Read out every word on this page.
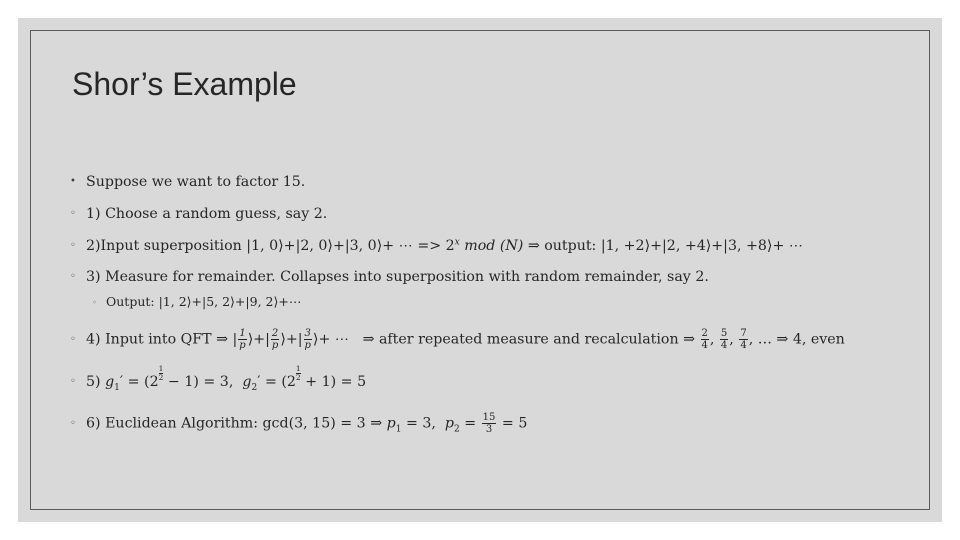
Shor’s Example
• Suppose we want to factor 15.
◦ 1) Choose a random guess, say 2.
◦ 2)Input superposition |1, 0⟩+|2, 0⟩+|3, 0⟩+ ⋯ => $2^x$ mod (N) ⇒ output: |1, +2⟩+|2, +4⟩+|3, +8⟩+ ⋯
◦ 3) Measure for remainder. Collapses into superposition with random remainder, say 2.
◦ Output: |1, 2⟩+|5, 2⟩+|9, 2⟩+⋯
◦ 4) Input into QFT ⇒ | $\frac{1}{p}$ ⟩+| $\frac{2}{p}$ ⟩+| $\frac{3}{p}$ ⟩+ ⋯ ⇒ after repeated measure and recalculation ⇒ $\frac{2}{4}$ , $\frac{5}{4}$ , $\frac{7}{4}$ , … ⇒ 4, even
◦ 5) $g_1' = (2$
$\frac{1}{2}$
− 1) = 3, $g_2' = (2$
$\frac{1}{2}$
+ 1) = 5
◦ 6) Euclidean Algorithm: gcd(3, 15) = 3 ⇒ $p_1 = 3$, $p_2 = \frac{15}{3} = 5$
